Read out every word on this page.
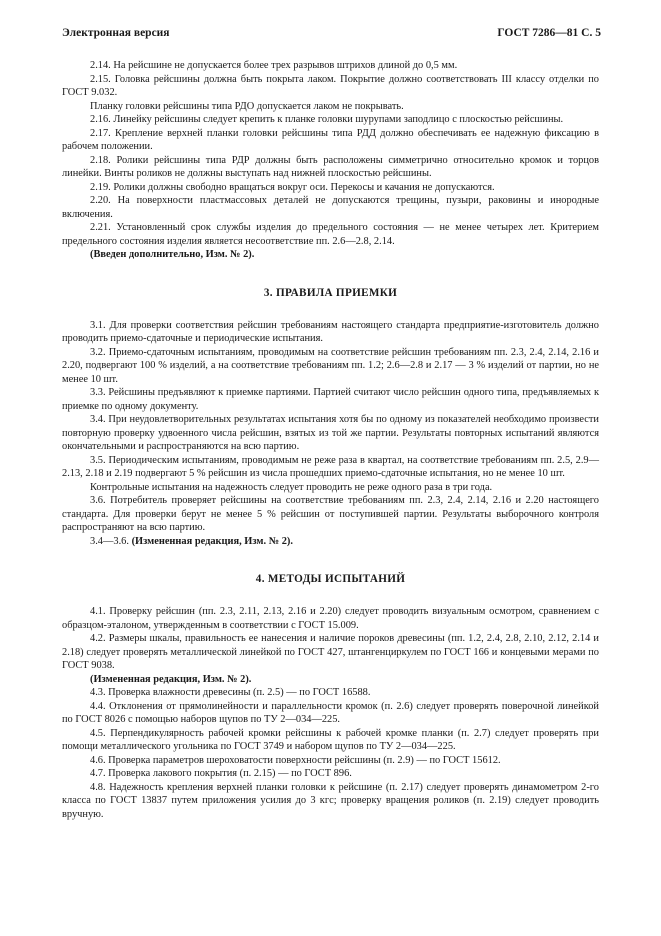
Электронная версия	ГОСТ 7286—81 С. 5

2.14. На рейсшине не допускается более трех разрывов штрихов длиной до 0,5 мм.

2.15. Головка рейсшины должна быть покрыта лаком. Покрытие должно соответствовать III классу отделки по ГОСТ 9.032.

Планку головки рейсшины типа РДО допускается лаком не покрывать.

2.16. Линейку рейсшины следует крепить к планке головки шурупами заподлицо с плоскостью рейсшины.

2.17. Крепление верхней планки головки рейсшины типа РДД должно обеспечивать ее надежную фиксацию в рабочем положении.

2.18. Ролики рейсшины типа РДР должны быть расположены симметрично относительно кромок и торцов линейки. Винты роликов не должны выступать над нижней плоскостью рейсшины.

2.19. Ролики должны свободно вращаться вокруг оси. Перекосы и качания не допускаются.

2.20. На поверхности пластмассовых деталей не допускаются трещины, пузыри, раковины и инородные включения.

2.21. Установленный срок службы изделия до предельного состояния — не менее четырех лет. Критерием предельного состояния изделия является несоответствие пп. 2.6—2.8, 2.14.

(Введен дополнительно, Изм. № 2).

3. ПРАВИЛА ПРИЕМКИ

3.1. Для проверки соответствия рейсшин требованиям настоящего стандарта предприятие-изготовитель должно проводить приемо-сдаточные и периодические испытания.

3.2. Приемо-сдаточным испытаниям, проводимым на соответствие рейсшин требованиям пп. 2.3, 2.4, 2.14, 2.16 и 2.20, подвергают 100 % изделий, а на соответствие требованиям пп. 1.2; 2.6—2.8 и 2.17 — 3 % изделий от партии, но не менее 10 шт.

3.3. Рейсшины предъявляют к приемке партиями. Партией считают число рейсшин одного типа, предъявляемых к приемке по одному документу.

3.4. При неудовлетворительных результатах испытания хотя бы по одному из показателей необходимо произвести повторную проверку удвоенного числа рейсшин, взятых из той же партии. Результаты повторных испытаний являются окончательными и распространяются на всю партию.

3.5. Периодическим испытаниям, проводимым не реже раза в квартал, на соответствие требованиям пп. 2.5, 2.9—2.13, 2.18 и 2.19 подвергают 5 % рейсшин из числа прошедших приемо-сдаточные испытания, но не менее 10 шт.

Контрольные испытания на надежность следует проводить не реже одного раза в три года.

3.6. Потребитель проверяет рейсшины на соответствие требованиям пп. 2.3, 2.4, 2.14, 2.16 и 2.20 настоящего стандарта. Для проверки берут не менее 5 % рейсшин от поступившей партии. Результаты выборочного контроля распространяют на всю партию.

3.4—3.6. (Измененная редакция, Изм. № 2).

4. МЕТОДЫ ИСПЫТАНИЙ

4.1. Проверку рейсшин (пп. 2.3, 2.11, 2.13, 2.16 и 2.20) следует проводить визуальным осмотром, сравнением с образцом-эталоном, утвержденным в соответствии с ГОСТ 15.009.

4.2. Размеры шкалы, правильность ее нанесения и наличие пороков древесины (пп. 1.2, 2.4, 2.8, 2.10, 2.12, 2.14 и 2.18) следует проверять металлической линейкой по ГОСТ 427, штангенциркулем по ГОСТ 166 и концевыми мерами по ГОСТ 9038.

(Измененная редакция, Изм. № 2).

4.3. Проверка влажности древесины (п. 2.5) — по ГОСТ 16588.

4.4. Отклонения от прямолинейности и параллельности кромок (п. 2.6) следует проверять поверочной линейкой по ГОСТ 8026 с помощью наборов щупов по ТУ 2—034—225.

4.5. Перпендикулярность рабочей кромки рейсшины к рабочей кромке планки (п. 2.7) следует проверять при помощи металлического угольника по ГОСТ 3749 и набором щупов по ТУ 2—034—225.

4.6. Проверка параметров шероховатости поверхности рейсшины (п. 2.9) — по ГОСТ 15612.

4.7. Проверка лакового покрытия (п. 2.15) — по ГОСТ 896.

4.8. Надежность крепления верхней планки головки к рейсшине (п. 2.17) следует проверять динамометром 2-го класса по ГОСТ 13837 путем приложения усилия до 3 кгс; проверку вращения роликов (п. 2.19) следует проводить вручную.
